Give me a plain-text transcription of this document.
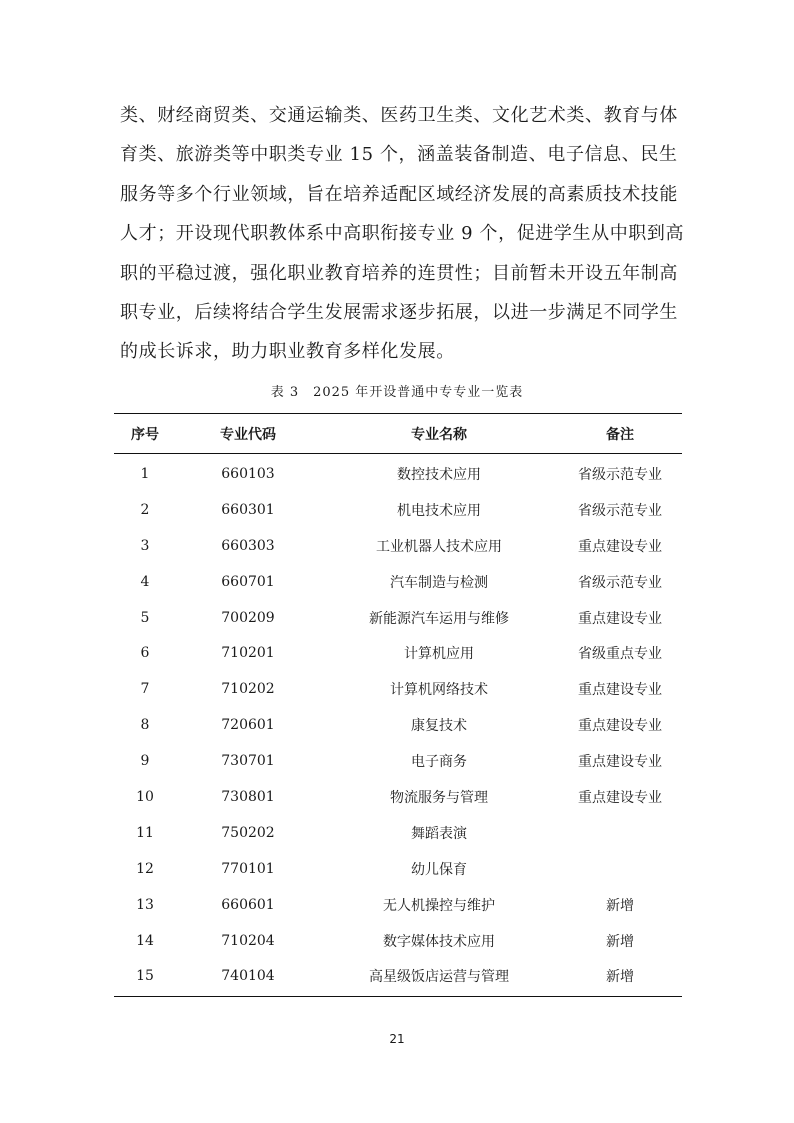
类、财经商贸类、交通运输类、医药卫生类、文化艺术类、教育与体
育类、旅游类等中职类专业 15 个，涵盖装备制造、电子信息、民生
服务等多个行业领域，旨在培养适配区域经济发展的高素质技术技能
人才；开设现代职教体系中高职衔接专业 9 个，促进学生从中职到高
职的平稳过渡，强化职业教育培养的连贯性；目前暂未开设五年制高
职专业，后续将结合学生发展需求逐步拓展，以进一步满足不同学生
的成长诉求，助力职业教育多样化发展。
表 3　2025 年开设普通中专专业一览表
序号	专业代码	专业名称	备注
1	660103	数控技术应用	省级示范专业
2	660301	机电技术应用	省级示范专业
3	660303	工业机器人技术应用	重点建设专业
4	660701	汽车制造与检测	省级示范专业
5	700209	新能源汽车运用与维修	重点建设专业
6	710201	计算机应用	省级重点专业
7	710202	计算机网络技术	重点建设专业
8	720601	康复技术	重点建设专业
9	730701	电子商务	重点建设专业
10	730801	物流服务与管理	重点建设专业
11	750202	舞蹈表演
12	770101	幼儿保育
13	660601	无人机操控与维护	新增
14	710204	数字媒体技术应用	新增
15	740104	高星级饭店运营与管理	新增
21
